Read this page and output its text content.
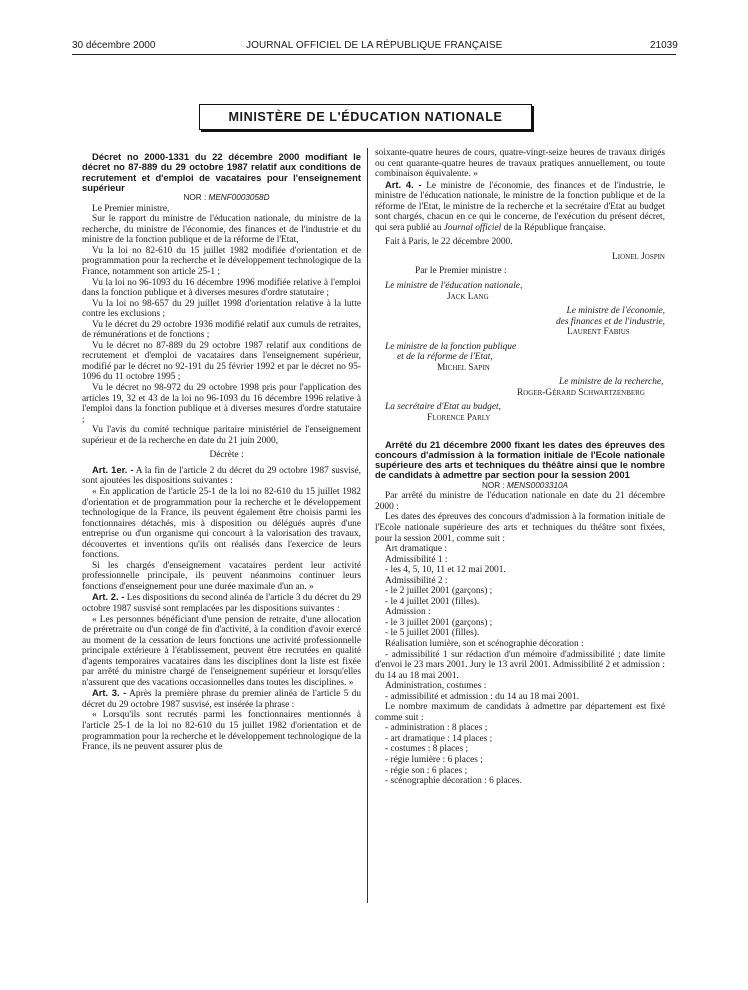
30 décembre 2000	JOURNAL OFFICIEL DE LA RÉPUBLIQUE FRANÇAISE	21039
MINISTÈRE DE L'ÉDUCATION NATIONALE

Décret no 2000-1331 du 22 décembre 2000 modifiant le décret no 87-889 du 29 octobre 1987 relatif aux conditions de recrutement et d'emploi de vacataires pour l'enseignement supérieur

NOR : MENF0003058D

Le Premier ministre,

Sur le rapport du ministre de l'éducation nationale, du ministre de la recherche, du ministre de l'économie, des finances et de l'industrie et du ministre de la fonction publique et de la réforme de l'Etat,

Vu la loi no 82-610 du 15 juillet 1982 modifiée d'orientation et de programmation pour la recherche et le développement technologique de la France, notamment son article 25-1 ;

Vu la loi no 96-1093 du 16 décembre 1996 modifiée relative à l'emploi dans la fonction publique et à diverses mesures d'ordre statutaire ;

Vu la loi no 98-657 du 29 juillet 1998 d'orientation relative à la lutte contre les exclusions ;

Vu le décret du 29 octobre 1936 modifié relatif aux cumuls de retraites, de rémunérations et de fonctions ;

Vu le décret no 87-889 du 29 octobre 1987 relatif aux conditions de recrutement et d'emploi de vacataires dans l'enseignement supérieur, modifié par le décret no 92-191 du 25 février 1992 et par le décret no 95-1096 du 11 octobre 1995 ;

Vu le décret no 98-972 du 29 octobre 1998 pris pour l'application des articles 19, 32 et 43 de la loi no 96-1093 du 16 décembre 1996 relative à l'emploi dans la fonction publique et à diverses mesures d'ordre statutaire ;

Vu l'avis du comité technique paritaire ministériel de l'enseignement supérieur et de la recherche en date du 21 juin 2000,

Décrète :

Art. 1er. - A la fin de l'article 2 du décret du 29 octobre 1987 susvisé, sont ajoutées les dispositions suivantes :

« En application de l'article 25-1 de la loi no 82-610 du 15 juillet 1982 d'orientation et de programmation pour la recherche et le développement technologique de la France, ils peuvent également être choisis parmi les fonctionnaires détachés, mis à disposition ou délégués auprès d'une entreprise ou d'un organisme qui concourt à la valorisation des travaux, découvertes et inventions qu'ils ont réalisés dans l'exercice de leurs fonctions.

Si les chargés d'enseignement vacataires perdent leur activité professionnelle principale, ils peuvent néanmoins continuer leurs fonctions d'enseignement pour une durée maximale d'un an. »

Art. 2. - Les dispositions du second alinéa de l'article 3 du décret du 29 octobre 1987 susvisé sont remplacées par les dispositions suivantes :

« Les personnes bénéficiant d'une pension de retraite, d'une allocation de préretraite ou d'un congé de fin d'activité, à la condition d'avoir exercé au moment de la cessation de leurs fonctions une activité professionnelle principale extérieure à l'établissement, peuvent être recrutées en qualité d'agents temporaires vacataires dans les disciplines dont la liste est fixée par arrêté du ministre chargé de l'enseignement supérieur et lorsqu'elles n'assurent que des vacations occasionnelles dans toutes les disciplines. »

Art. 3. - Après la première phrase du premier alinéa de l'article 5 du décret du 29 octobre 1987 susvisé, est insérée la phrase :

« Lorsqu'ils sont recrutés parmi les fonctionnaires mentionnés à l'article 25-1 de la loi no 82-610 du 15 juillet 1982 d'orientation et de programmation pour la recherche et le développement technologique de la France, ils ne peuvent assurer plus de

soixante-quatre heures de cours, quatre-vingt-seize heures de travaux dirigés ou cent quarante-quatre heures de travaux pratiques annuellement, ou toute combinaison équivalente. »

Art. 4. - Le ministre de l'économie, des finances et de l'industrie, le ministre de l'éducation nationale, le ministre de la fonction publique et de la réforme de l'Etat, le ministre de la recherche et la secrétaire d'Etat au budget sont chargés, chacun en ce qui le concerne, de l'exécution du présent décret, qui sera publié au Journal officiel de la République française.

Fait à Paris, le 22 décembre 2000.

Lionel Jospin

Par le Premier ministre :

Le ministre de l'éducation nationale,

Jack Lang

Le ministre de l'économie,

des finances et de l'industrie,

Laurent Fabius

Le ministre de la fonction publique

et de la réforme de l'Etat,

Michel Sapin

Le ministre de la recherche,

Roger-Gérard Schwartzenberg

La secrétaire d'Etat au budget,

Florence Parly

Arrêté du 21 décembre 2000 fixant les dates des épreuves des concours d'admission à la formation initiale de l'Ecole nationale supérieure des arts et techniques du théâtre ainsi que le nombre de candidats à admettre par section pour la session 2001

NOR : MENS0003310A

Par arrêté du ministre de l'éducation nationale en date du 21 décembre 2000 :

Les dates des épreuves des concours d'admission à la formation initiale de l'Ecole nationale supérieure des arts et techniques du théâtre sont fixées, pour la session 2001, comme suit :

Art dramatique :

Admissibilité 1 :

- les 4, 5, 10, 11 et 12 mai 2001.

Admissibilité 2 :

- le 2 juillet 2001 (garçons) ;

- le 4 juillet 2001 (filles).

Admission :

- le 3 juillet 2001 (garçons) ;

- le 5 juillet 2001 (filles).

Réalisation lumière, son et scénographie décoration :

- admissibilité 1 sur rédaction d'un mémoire d'admissibilité ; date limite d'envoi le 23 mars 2001. Jury le 13 avril 2001. Admissibilité 2 et admission : du 14 au 18 mai 2001.

Administration, costumes :

- admissibilité et admission : du 14 au 18 mai 2001.

Le nombre maximum de candidats à admettre par département est fixé comme suit :

- administration : 8 places ;

- art dramatique : 14 places ;

- costumes : 8 places ;

- régie lumière : 6 places ;

- régie son : 6 places ;

- scénographie décoration : 6 places.
